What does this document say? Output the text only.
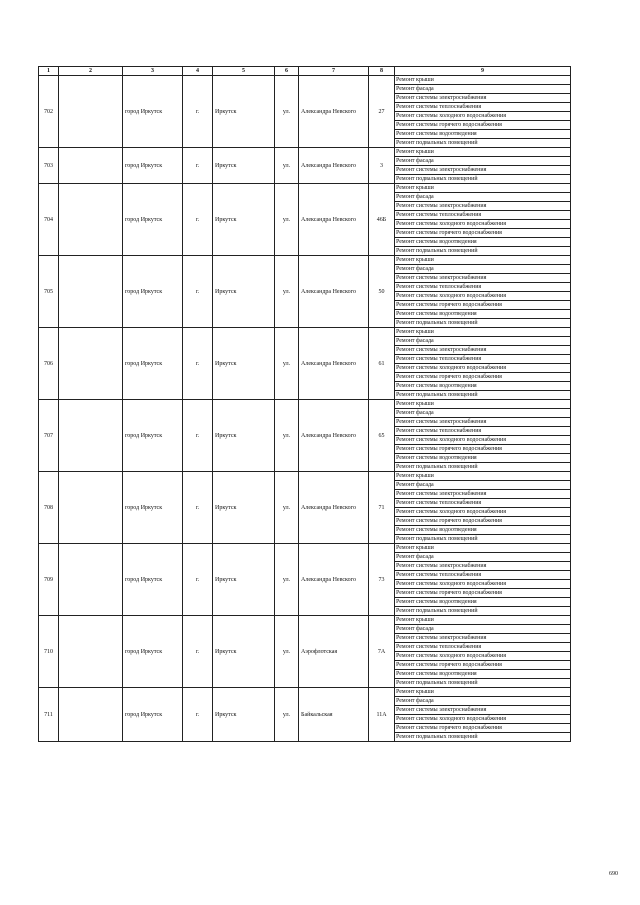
1	2	3	4	5	6	7	8	9
702		город Иркутск	г.	Иркутск	ул.	Александра Невского	27	Ремонт крыши
								Ремонт фасада
								Ремонт системы электроснабжения
								Ремонт системы теплоснабжения
								Ремонт системы холодного водоснабжения
								Ремонт системы горячего водоснабжения
								Ремонт системы водоотведения
								Ремонт подвальных помещений
703		город Иркутск	г.	Иркутск	ул.	Александра Невского	3	Ремонт крыши
								Ремонт фасада
								Ремонт системы электроснабжения
								Ремонт подвальных помещений
704		город Иркутск	г.	Иркутск	ул.	Александра Невского	46Б	Ремонт крыши
								Ремонт фасада
								Ремонт системы электроснабжения
								Ремонт системы теплоснабжения
								Ремонт системы холодного водоснабжения
								Ремонт системы горячего водоснабжения
								Ремонт системы водоотведения
								Ремонт подвальных помещений
705		город Иркутск	г.	Иркутск	ул.	Александра Невского	50	Ремонт крыши
								Ремонт фасада
								Ремонт системы электроснабжения
								Ремонт системы теплоснабжения
								Ремонт системы холодного водоснабжения
								Ремонт системы горячего водоснабжения
								Ремонт системы водоотведения
								Ремонт подвальных помещений
706		город Иркутск	г.	Иркутск	ул.	Александра Невского	61	Ремонт крыши
								Ремонт фасада
								Ремонт системы электроснабжения
								Ремонт системы теплоснабжения
								Ремонт системы холодного водоснабжения
								Ремонт системы горячего водоснабжения
								Ремонт системы водоотведения
								Ремонт подвальных помещений
707		город Иркутск	г.	Иркутск	ул.	Александра Невского	65	Ремонт крыши
								Ремонт фасада
								Ремонт системы электроснабжения
								Ремонт системы теплоснабжения
								Ремонт системы холодного водоснабжения
								Ремонт системы горячего водоснабжения
								Ремонт системы водоотведения
								Ремонт подвальных помещений
708		город Иркутск	г.	Иркутск	ул.	Александра Невского	71	Ремонт крыши
								Ремонт фасада
								Ремонт системы электроснабжения
								Ремонт системы теплоснабжения
								Ремонт системы холодного водоснабжения
								Ремонт системы горячего водоснабжения
								Ремонт системы водоотведения
								Ремонт подвальных помещений
709		город Иркутск	г.	Иркутск	ул.	Александра Невского	73	Ремонт крыши
								Ремонт фасада
								Ремонт системы электроснабжения
								Ремонт системы теплоснабжения
								Ремонт системы холодного водоснабжения
								Ремонт системы горячего водоснабжения
								Ремонт системы водоотведения
								Ремонт подвальных помещений
710		город Иркутск	г.	Иркутск	ул.	Аэрофлотская	7А	Ремонт крыши
								Ремонт фасада
								Ремонт системы электроснабжения
								Ремонт системы теплоснабжения
								Ремонт системы холодного водоснабжения
								Ремонт системы горячего водоснабжения
								Ремонт системы водоотведения
								Ремонт подвальных помещений
711		город Иркутск	г.	Иркутск	ул.	Байкальская	11А	Ремонт крыши
								Ремонт фасада
								Ремонт системы электроснабжения
								Ремонт системы холодного водоснабжения
								Ремонт системы горячего водоснабжения
								Ремонт подвальных помещений
690
